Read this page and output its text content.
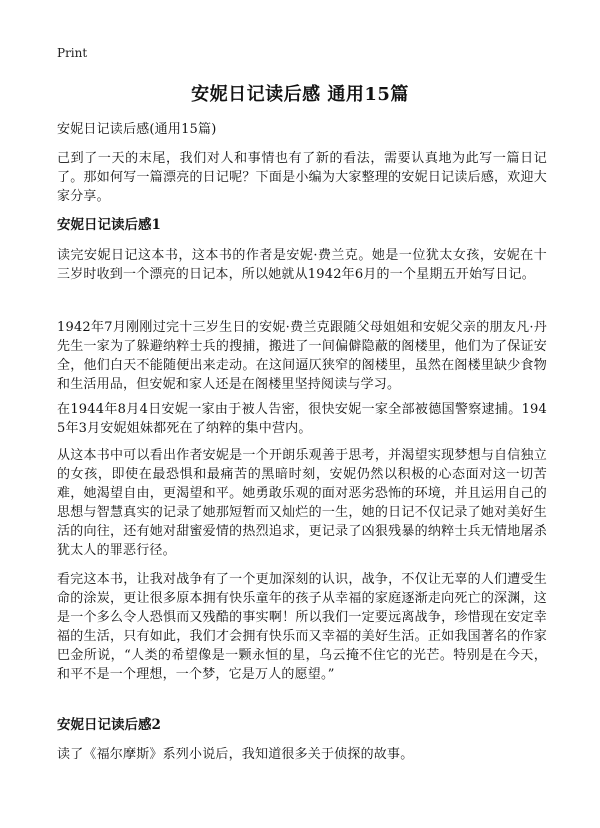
Print
安妮日记读后感 通用15篇
安妮日记读后感(通用15篇)
己到了一天的末尾，我们对人和事情也有了新的看法，需要认真地为此写一篇日记了。那如何写一篇漂亮的日记呢？下面是小编为大家整理的安妮日记读后感，欢迎大家分享。
安妮日记读后感1
读完安妮日记这本书，这本书的作者是安妮·费兰克。她是一位犹太女孩，安妮在十三岁时收到一个漂亮的日记本，所以她就从1942年6月的一个星期五开始写日记。
1942年7月刚刚过完十三岁生日的安妮·费兰克跟随父母姐姐和安妮父亲的朋友凡·丹先生一家为了躲避纳粹士兵的搜捕，搬进了一间偏僻隐蔽的阁楼里，他们为了保证安全，他们白天不能随便出来走动。在这间逼仄狭窄的阁楼里，虽然在阁楼里缺少食物和生活用品，但安妮和家人还是在阁楼里坚持阅读与学习。
在1944年8月4日安妮一家由于被人告密，很快安妮一家全部被德国警察逮捕。1945年3月安妮姐妹都死在了纳粹的集中营内。
从这本书中可以看出作者安妮是一个开朗乐观善于思考，并渴望实现梦想与自信独立的女孩，即使在最恐惧和最痛苦的黑暗时刻，安妮仍然以积极的心态面对这一切苦难，她渴望自由，更渴望和平。她勇敢乐观的面对恶劣恐怖的环境，并且运用自己的思想与智慧真实的记录了她那短暂而又灿烂的一生，她的日记不仅记录了她对美好生活的向往，还有她对甜蜜爱情的热烈追求，更记录了凶狠残暴的纳粹士兵无情地屠杀犹太人的罪恶行径。
看完这本书，让我对战争有了一个更加深刻的认识，战争，不仅让无辜的人们遭受生命的涂炭，更让很多原本拥有快乐童年的孩子从幸福的家庭逐渐走向死亡的深渊，这是一个多么令人恐惧而又残酷的事实啊！所以我们一定要远离战争，珍惜现在安定幸福的生活，只有如此，我们才会拥有快乐而又幸福的美好生活。正如我国著名的作家巴金所说，“人类的希望像是一颗永恒的星，乌云掩不住它的光芒。特别是在今天，和平不是一个理想，一个梦，它是万人的愿望。”
安妮日记读后感2
读了《福尔摩斯》系列小说后，我知道很多关于侦探的故事。
